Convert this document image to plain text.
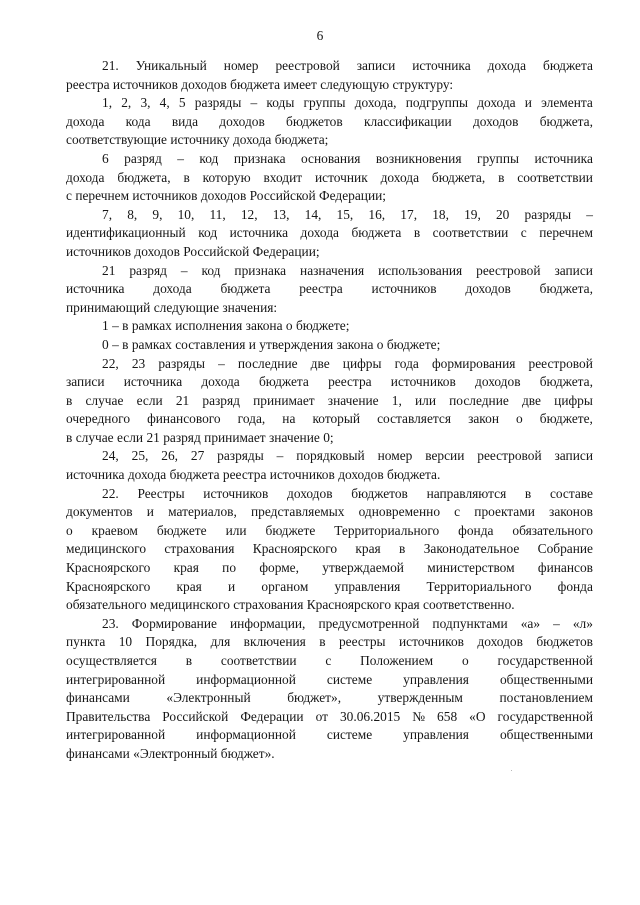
6
21. Уникальный номер реестровой записи источника дохода бюджета
реестра источников доходов бюджета имеет следующую структуру:
1, 2, 3, 4, 5 разряды – коды группы дохода, подгруппы дохода и элемента
дохода кода вида доходов бюджетов классификации доходов бюджета,
соответствующие источнику дохода бюджета;
6 разряд – код признака основания возникновения группы источника
дохода бюджета, в которую входит источник дохода бюджета, в соответствии
с перечнем источников доходов Российской Федерации;
7, 8, 9, 10, 11, 12, 13, 14, 15, 16, 17, 18, 19, 20 разряды –
идентификационный код источника дохода бюджета в соответствии с перечнем
источников доходов Российской Федерации;
21 разряд – код признака назначения использования реестровой записи
источника дохода бюджета реестра источников доходов бюджета,
принимающий следующие значения:
1 – в рамках исполнения закона о бюджете;
0 – в рамках составления и утверждения закона о бюджете;
22, 23 разряды – последние две цифры года формирования реестровой
записи источника дохода бюджета реестра источников доходов бюджета,
в случае если 21 разряд принимает значение 1, или последние две цифры
очередного финансового года, на который составляется закон о бюджете,
в случае если 21 разряд принимает значение 0;
24, 25, 26, 27 разряды – порядковый номер версии реестровой записи
источника дохода бюджета реестра источников доходов бюджета.
22. Реестры источников доходов бюджетов направляются в составе
документов и материалов, представляемых одновременно с проектами законов
о краевом бюджете или бюджете Территориального фонда обязательного
медицинского страхования Красноярского края в Законодательное Собрание
Красноярского края по форме, утверждаемой министерством финансов
Красноярского края и органом управления Территориального фонда
обязательного медицинского страхования Красноярского края соответственно.
23. Формирование информации, предусмотренной подпунктами «а» – «л»
пункта 10 Порядка, для включения в реестры источников доходов бюджетов
осуществляется в соответствии с Положением о государственной
интегрированной информационной системе управления общественными
финансами	«Электронный	бюджет»,	утвержденным	постановлением
Правительства Российской Федерации от 30.06.2015 № 658 «О государственной
интегрированной информационной системе управления общественными
финансами «Электронный бюджет».
